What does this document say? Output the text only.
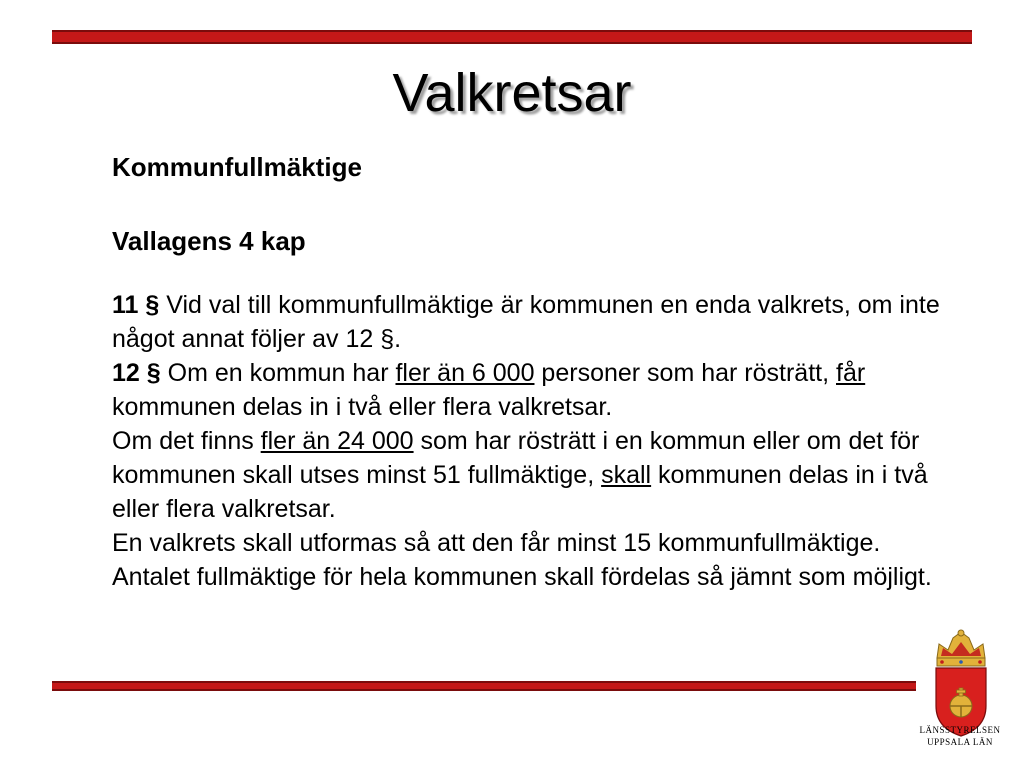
Valkretsar

Kommunfullmäktige

Vallagens 4 kap

11 § Vid val till kommunfullmäktige är kommunen en enda valkrets, om inte något annat följer av 12 §.

12 § Om en kommun har fler än 6 000 personer som har rösträtt, får kommunen delas in i två eller flera valkretsar.

Om det finns fler än 24 000 som har rösträtt i en kommun eller om det för kommunen skall utses minst 51 fullmäktige, skall kommunen delas in i två eller flera valkretsar.

En valkrets skall utformas så att den får minst 15 kommunfullmäktige.

Antalet fullmäktige för hela kommunen skall fördelas så jämnt som möjligt.

LÄNSSTYRELSEN
UPPSALA LÄN
